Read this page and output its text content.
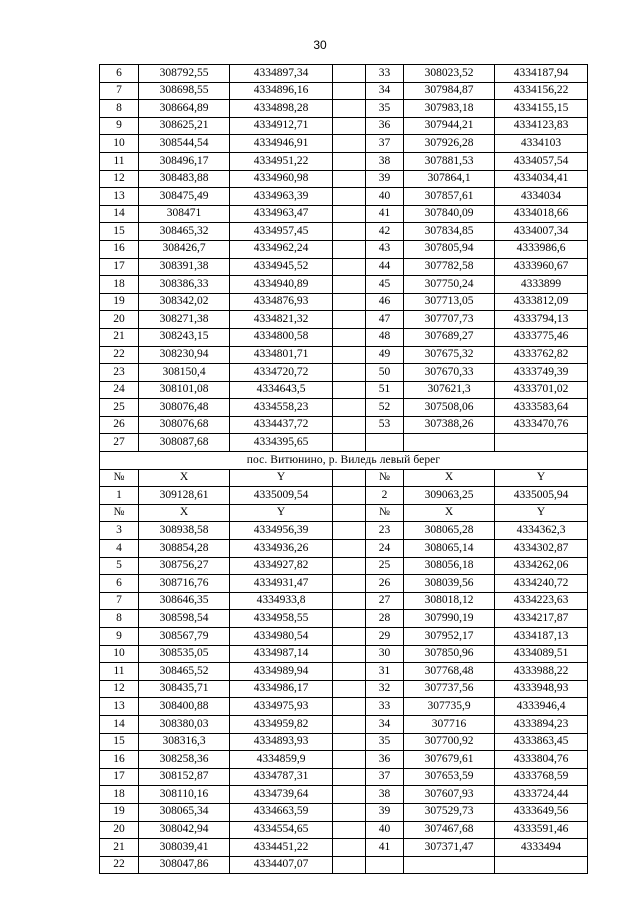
30
6	308792,55	4334897,34		33	308023,52	4334187,94
7	308698,55	4334896,16		34	307984,87	4334156,22
8	308664,89	4334898,28		35	307983,18	4334155,15
9	308625,21	4334912,71		36	307944,21	4334123,83
10	308544,54	4334946,91		37	307926,28	4334103
11	308496,17	4334951,22		38	307881,53	4334057,54
12	308483,88	4334960,98		39	307864,1	4334034,41
13	308475,49	4334963,39		40	307857,61	4334034
14	308471	4334963,47		41	307840,09	4334018,66
15	308465,32	4334957,45		42	307834,85	4334007,34
16	308426,7	4334962,24		43	307805,94	4333986,6
17	308391,38	4334945,52		44	307782,58	4333960,67
18	308386,33	4334940,89		45	307750,24	4333899
19	308342,02	4334876,93		46	307713,05	4333812,09
20	308271,38	4334821,32		47	307707,73	4333794,13
21	308243,15	4334800,58		48	307689,27	4333775,46
22	308230,94	4334801,71		49	307675,32	4333762,82
23	308150,4	4334720,72		50	307670,33	4333749,39
24	308101,08	4334643,5		51	307621,3	4333701,02
25	308076,48	4334558,23		52	307508,06	4333583,64
26	308076,68	4334437,72		53	307388,26	4333470,76
27	308087,68	4334395,65				
пос. Витюнино, р. Виледь левый берег						
№	X	Y		№	X	Y
1	309128,61	4335009,54		2	309063,25	4335005,94
№	X	Y		№	X	Y
3	308938,58	4334956,39		23	308065,28	4334362,3
4	308854,28	4334936,26		24	308065,14	4334302,87
5	308756,27	4334927,82		25	308056,18	4334262,06
6	308716,76	4334931,47		26	308039,56	4334240,72
7	308646,35	4334933,8		27	308018,12	4334223,63
8	308598,54	4334958,55		28	307990,19	4334217,87
9	308567,79	4334980,54		29	307952,17	4334187,13
10	308535,05	4334987,14		30	307850,96	4334089,51
11	308465,52	4334989,94		31	307768,48	4333988,22
12	308435,71	4334986,17		32	307737,56	4333948,93
13	308400,88	4334975,93		33	307735,9	4333946,4
14	308380,03	4334959,82		34	307716	4333894,23
15	308316,3	4334893,93		35	307700,92	4333863,45
16	308258,36	4334859,9		36	307679,61	4333804,76
17	308152,87	4334787,31		37	307653,59	4333768,59
18	308110,16	4334739,64		38	307607,93	4333724,44
19	308065,34	4334663,59		39	307529,73	4333649,56
20	308042,94	4334554,65		40	307467,68	4333591,46
21	308039,41	4334451,22		41	307371,47	4333494
22	308047,86	4334407,07				
